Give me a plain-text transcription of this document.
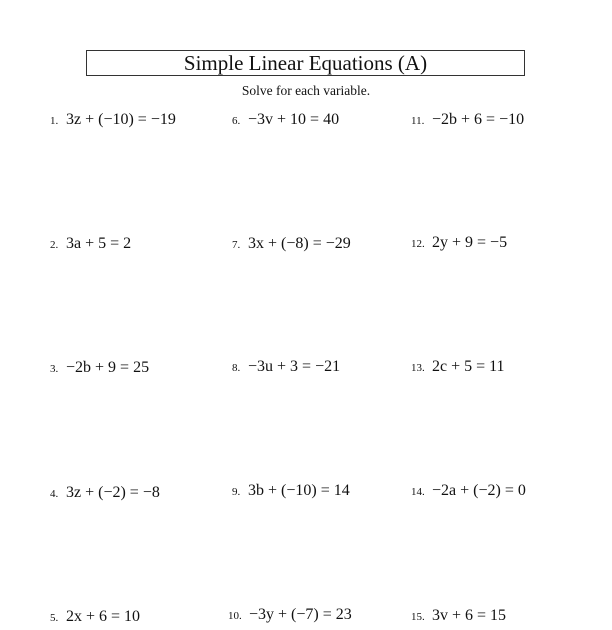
Simple Linear Equations (A)
Solve for each variable.
1. 3z + (−10) = −19
2. 3a + 5 = 2
3. −2b + 9 = 25
4. 3z + (−2) = −8
5. 2x + 6 = 10
6. −3v + 10 = 40
7. 3x + (−8) = −29
8. −3u + 3 = −21
9. 3b + (−10) = 14
10. −3y + (−7) = 23
11. −2b + 6 = −10
12. 2y + 9 = −5
13. 2c + 5 = 11
14. −2a + (−2) = 0
15. 3v + 6 = 15
